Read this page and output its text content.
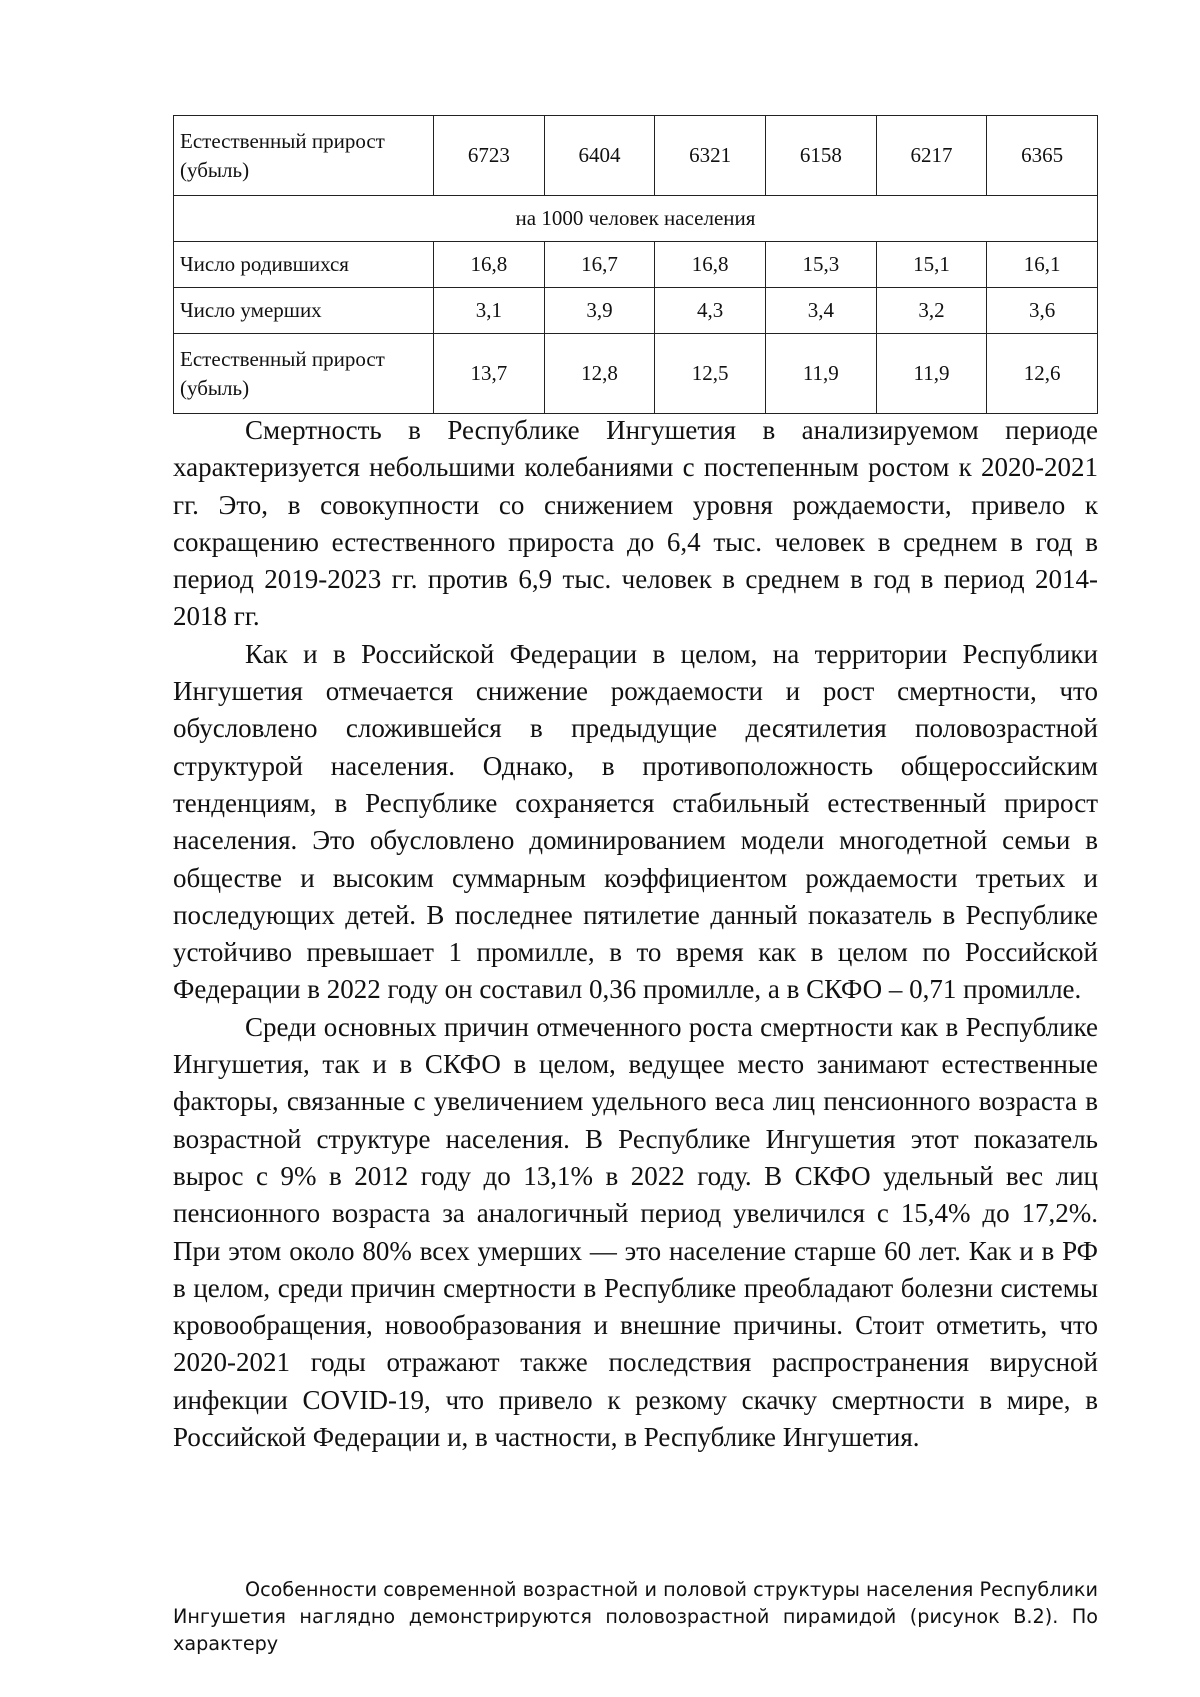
Естественный прирост (убыль)	6723	6404	6321	6158	6217	6365
на 1000 человек населения						
Число родившихся	16,8	16,7	16,8	15,3	15,1	16,1
Число умерших	3,1	3,9	4,3	3,4	3,2	3,6
Естественный прирост (убыль)	13,7	12,8	12,5	11,9	11,9	12,6

Смертность в Республике Ингушетия в анализируемом периоде характеризуется небольшими колебаниями с постепенным ростом к 2020-2021 гг. Это, в совокупности со снижением уровня рождаемости, привело к сокращению естественного прироста до 6,4 тыс. человек в среднем в год в период 2019-2023 гг. против 6,9 тыс. человек в среднем в год в период 2014-2018 гг.

Как и в Российской Федерации в целом, на территории Республики Ингушетия отмечается снижение рождаемости и рост смертности, что обусловлено сложившейся в предыдущие десятилетия половозрастной структурой населения. Однако, в противоположность общероссийским тенденциям, в Республике сохраняется стабильный естественный прирост населения. Это обусловлено доминированием модели многодетной семьи в обществе и высоким суммарным коэффициентом рождаемости третьих и последующих детей. В последнее пятилетие данный показатель в Республике устойчиво превышает 1 промилле, в то время как в целом по Российской Федерации в 2022 году он составил 0,36 промилле, а в СКФО – 0,71 промилле.

Среди основных причин отмеченного роста смертности как в Республике Ингушетия, так и в СКФО в целом, ведущее место занимают естественные факторы, связанные с увеличением удельного веса лиц пенсионного возраста в возрастной структуре населения. В Республике Ингушетия этот показатель вырос с 9% в 2012 году до 13,1% в 2022 году. В СКФО удельный вес лиц пенсионного возраста за аналогичный период увеличился с 15,4% до 17,2%. При этом около 80% всех умерших — это население старше 60 лет. Как и в РФ в целом, среди причин смертности в Республике преобладают болезни системы кровообращения, новообразования и внешние причины. Стоит отметить, что 2020-2021 годы отражают также последствия распространения вирусной инфекции COVID-19, что привело к резкому скачку смертности в мире, в Российской Федерации и, в частности, в Республике Ингушетия.

Особенности современной возрастной и половой структуры населения Республики Ингушетия наглядно демонстрируются половозрастной пирамидой (рисунок В.2). По характеру
